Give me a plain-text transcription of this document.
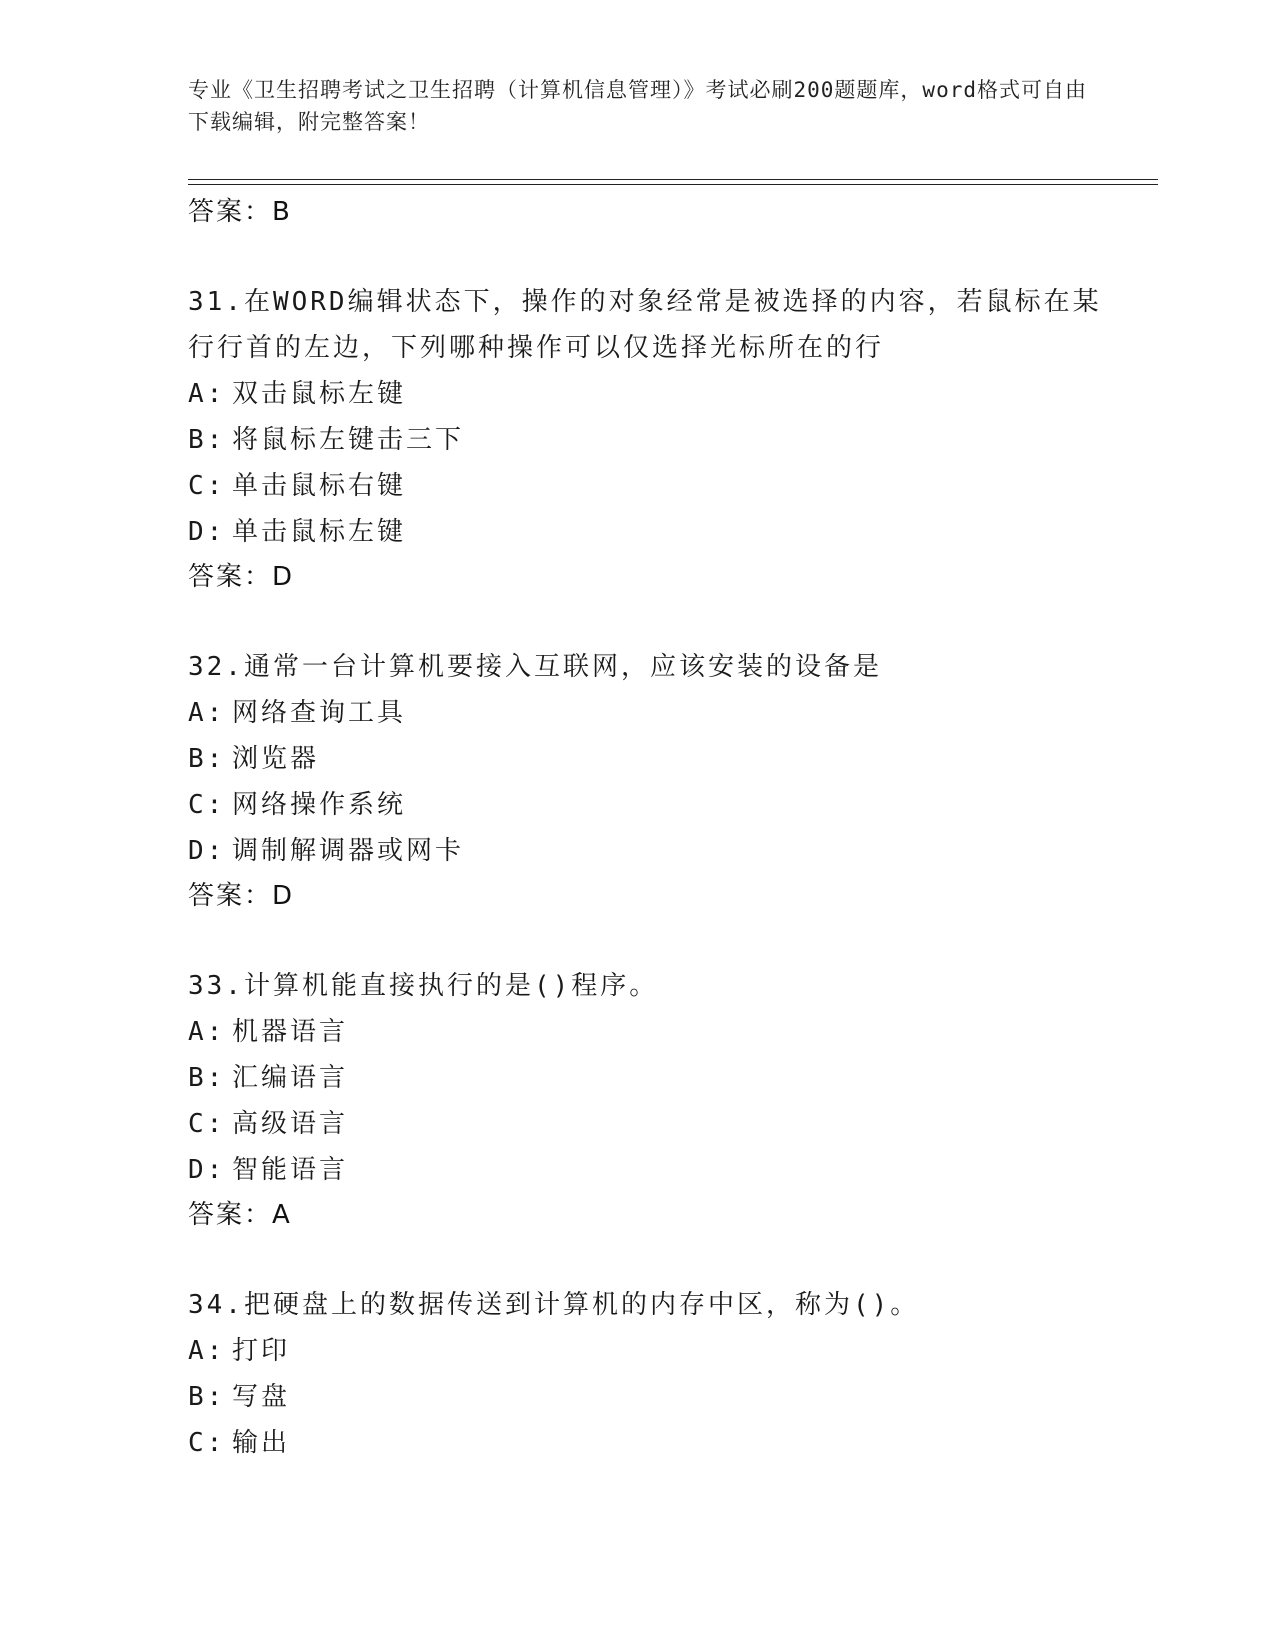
专业《卫生招聘考试之卫生招聘（计算机信息管理）》考试必刷200题题库，word格式可自由下载编辑，附完整答案！
答案：B
31.在WORD编辑状态下，操作的对象经常是被选择的内容，若鼠标在某行行首的左边，下列哪种操作可以仅选择光标所在的行
A: 双击鼠标左键
B: 将鼠标左键击三下
C: 单击鼠标右键
D: 单击鼠标左键
答案：D
32.通常一台计算机要接入互联网，应该安装的设备是
A: 网络查询工具
B: 浏览器
C: 网络操作系统
D: 调制解调器或网卡
答案：D
33.计算机能直接执行的是()程序。
A: 机器语言
B: 汇编语言
C: 高级语言
D: 智能语言
答案：A
34.把硬盘上的数据传送到计算机的内存中区，称为()。
A: 打印
B: 写盘
C: 输出
